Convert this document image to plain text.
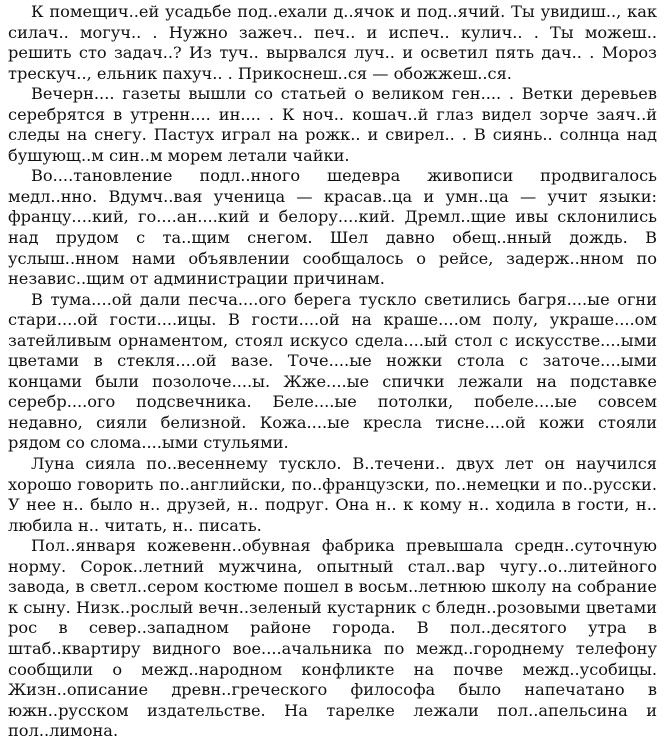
К помещич..ей усадьбе под..ехали д..ячок и под..ячий. Ты увидиш.., как силач.. могуч.. . Нужно зажеч.. печ.. и испеч.. кулич.. . Ты можеш.. решить сто задач..? Из туч.. вырвался луч.. и осветил пять дач.. . Мороз трескуч.., ельник пахуч.. . Прикоснеш..ся — обожжеш..ся.

Вечерн.... газеты вышли со статьей о великом ген.... . Ветки деревьев серебрятся в утренн.... ин.... . К ноч.. кошач..й глаз видел зорче заяч..й следы на снегу. Пастух играл на рожк.. и свирел.. . В сиянь.. солнца над бушующ..м син..м морем летали чайки.

Во....тановление подл..нного шедевра живописи продвигалось медл..нно. Вдумч..вая ученица — красав..ца и умн..ца — учит языки: францу....кий, го....ан....кий и белору....кий. Дремл..щие ивы склонились над прудом с та..щим снегом. Шел давно обещ..нный дождь. В услыш..нном нами объявлении сообщалось о рейсе, задерж..нном по независ..щим от администрации причинам.

В тума....ой дали песча....ого берега тускло светились багря....ые огни стари....ой гости....ицы. В гости....ой на краше....ом полу, украше....ом затейливым орнаментом, стоял искусо сдела....ый стол с искусстве....ыми цветами в стекля....ой вазе. Точе....ые ножки стола с заточе....ыми концами были позолоче....ы. Жже....ые спички лежали на подставке серебр....ого подсвечника. Беле....ые потолки, побеле....ые совсем недавно, сияли белизной. Кожа....ые кресла тисне....ой кожи стояли рядом со слома....ыми стульями.

Луна сияла по..весеннему тускло. В..течени.. двух лет он научился хорошо говорить по..английски, по..французски, по..немецки и по..русски. У нее н.. было н.. друзей, н.. подруг. Она н.. к кому н.. ходила в гости, н.. любила н.. читать, н.. писать.

Пол..января кожевенн..обувная фабрика превышала средн..суточную норму. Сорок..летний мужчина, опытный стал..вар чугу..о..литейного завода, в светл..сером костюме пошел в восьм..летнюю школу на собрание к сыну. Низк..рослый вечн..зеленый кустарник с бледн..розовыми цветами рос в север..западном районе города. В пол..десятого утра в штаб..квартиру видного вое....ачальника по межд..городнему телефону сообщили о межд..народном конфликте на почве межд..усобицы. Жизн..описание древн..греческого философа было напечатано в южн..русском издательстве. На тарелке лежали пол..апельсина и пол..лимона.
